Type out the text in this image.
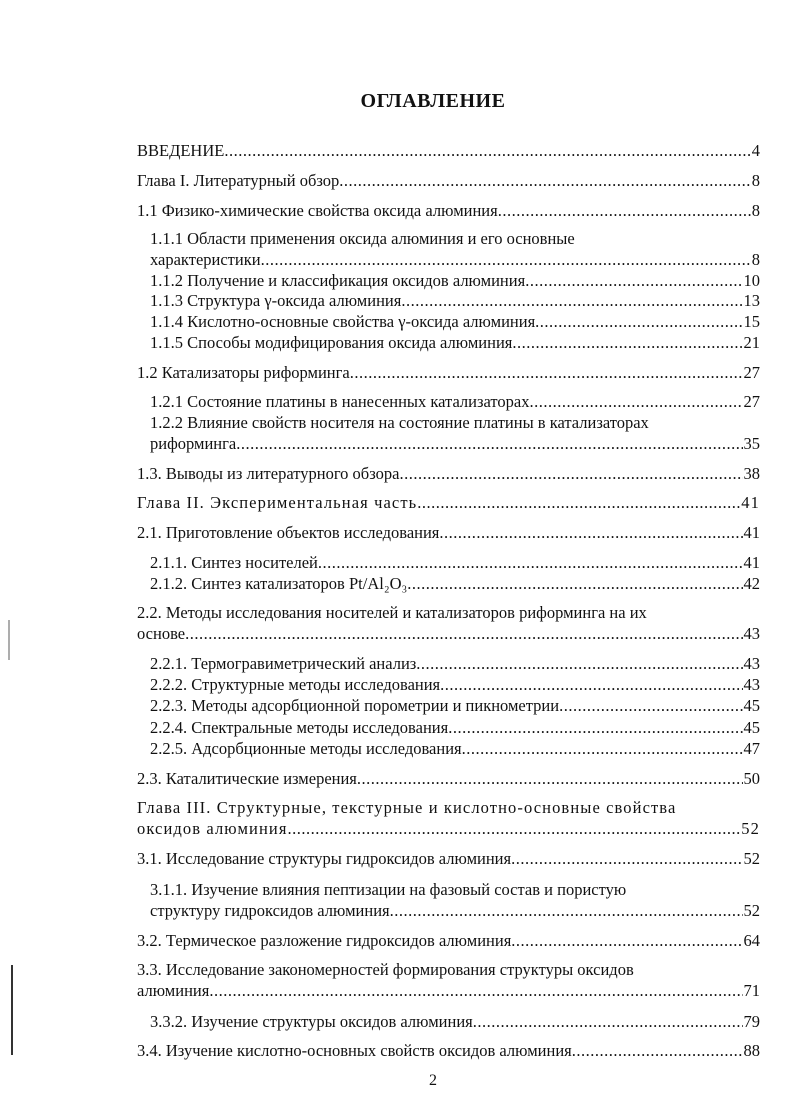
ОГЛАВЛЕНИЕ
ВВЕДЕНИЕ .....	4
Глава I. Литературный обзор .....	8
1.1 Физико-химические свойства оксида алюминия .....	8
1.1.1 Области применения оксида алюминия и его основные
характеристики .....	8
1.1.2 Получение и классификация оксидов алюминия .....	10
1.1.3 Структура γ-оксида алюминия .....	13
1.1.4 Кислотно-основные свойства γ-оксида алюминия .....	15
1.1.5 Способы модифицирования оксида алюминия .....	21
1.2 Катализаторы риформинга .....	27
1.2.1 Состояние платины в нанесенных катализаторах .....	27
1.2.2 Влияние свойств носителя на состояние платины в катализаторах
риформинга .....	35
1.3. Выводы из литературного обзора .....	38
Глава II. Экспериментальная часть .....	41
2.1. Приготовление объектов исследования .....	41
2.1.1. Синтез носителей .....	41
2.1.2. Синтез катализаторов Pt/Al₂O₃ .....	42
2.2. Методы исследования носителей и катализаторов риформинга на их
основе .....	43
2.2.1. Термогравиметрический анализ .....	43
2.2.2. Структурные методы исследования .....	43
2.2.3. Методы адсорбционной порометрии и пикнометрии .....	45
2.2.4. Спектральные методы исследования .....	45
2.2.5. Адсорбционные методы исследования .....	47
2.3. Каталитические измерения .....	50
Глава III. Структурные, текстурные и кислотно-основные свойства
оксидов алюминия .....	52
3.1. Исследование структуры гидроксидов алюминия .....	52
3.1.1. Изучение влияния пептизации на фазовый состав и пористую
структуру гидроксидов алюминия .....	52
3.2. Термическое разложение гидроксидов алюминия .....	64
3.3. Исследование закономерностей формирования структуры оксидов
алюминия .....	71
3.3.2. Изучение структуры оксидов алюминия .....	79
3.4. Изучение кислотно-основных свойств оксидов алюминия .....	88
2
